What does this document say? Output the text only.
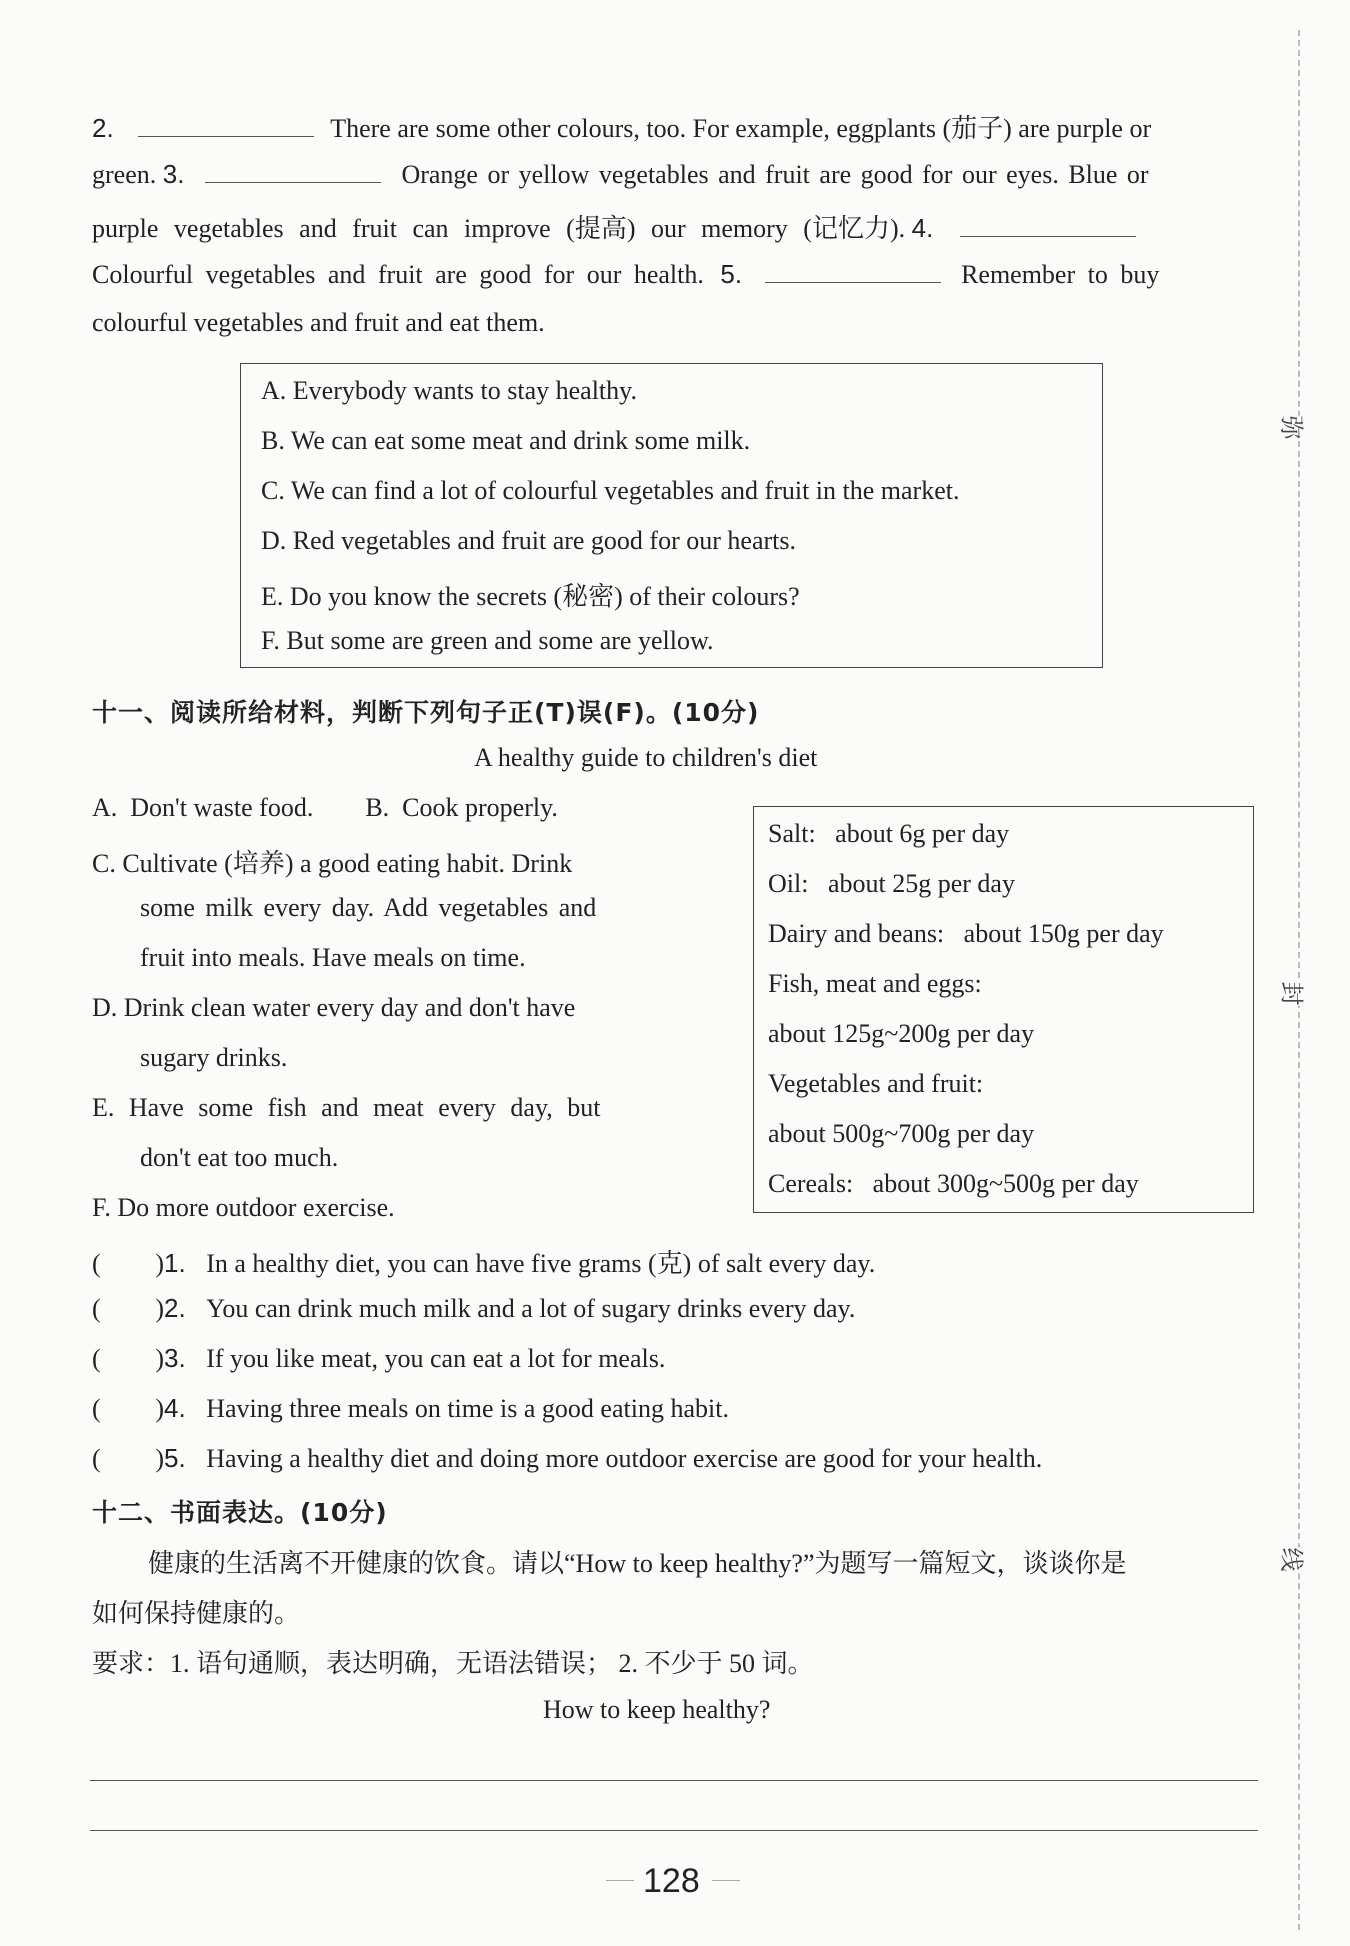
2.	There are some other colours, too. For example, eggplants (茄子) are purple or
green. 3.	Orange or yellow vegetables and fruit are good for our eyes. Blue or
purple vegetables and fruit can improve (提高) our memory (记忆力). 4.
Colourful vegetables and fruit are good for our health. 5.	Remember to buy
colourful vegetables and fruit and eat them.
A. Everybody wants to stay healthy.
B. We can eat some meat and drink some milk.
C. We can find a lot of colourful vegetables and fruit in the market.
D. Red vegetables and fruit are good for our hearts.
E. Do you know the secrets (秘密) of their colours?
F. But some are green and some are yellow.
十一、阅读所给材料，判断下列句子正(T)误(F)。(10分)
A healthy guide to children's diet
A.  Don't waste food.        B.  Cook properly.
C. Cultivate (培养) a good eating habit. Drink
some milk every day. Add vegetables and
fruit into meals. Have meals on time.
D. Drink clean water every day and don't have
sugary drinks.
E. Have some fish and meat every day, but
don't eat too much.
F. Do more outdoor exercise.
Salt:   about 6g per day
Oil:   about 25g per day
Dairy and beans:   about 150g per day
Fish, meat and eggs:
about 125g~200g per day
Vegetables and fruit:
about 500g~700g per day
Cereals:   about 300g~500g per day
( ) 1. In a healthy diet, you can have five grams (克) of salt every day.
( ) 2. You can drink much milk and a lot of sugary drinks every day.
( ) 3. If you like meat, you can eat a lot for meals.
( ) 4. Having three meals on time is a good eating habit.
( ) 5. Having a healthy diet and doing more outdoor exercise are good for your health.
十二、书面表达。(10分)
健康的生活离不开健康的饮食。请以“How to keep healthy?”为题写一篇短文，谈谈你是
如何保持健康的。
要求：1. 语句通顺，表达明确，无语法错误； 2. 不少于 50 词。
How to keep healthy?
128
弥
封
线
